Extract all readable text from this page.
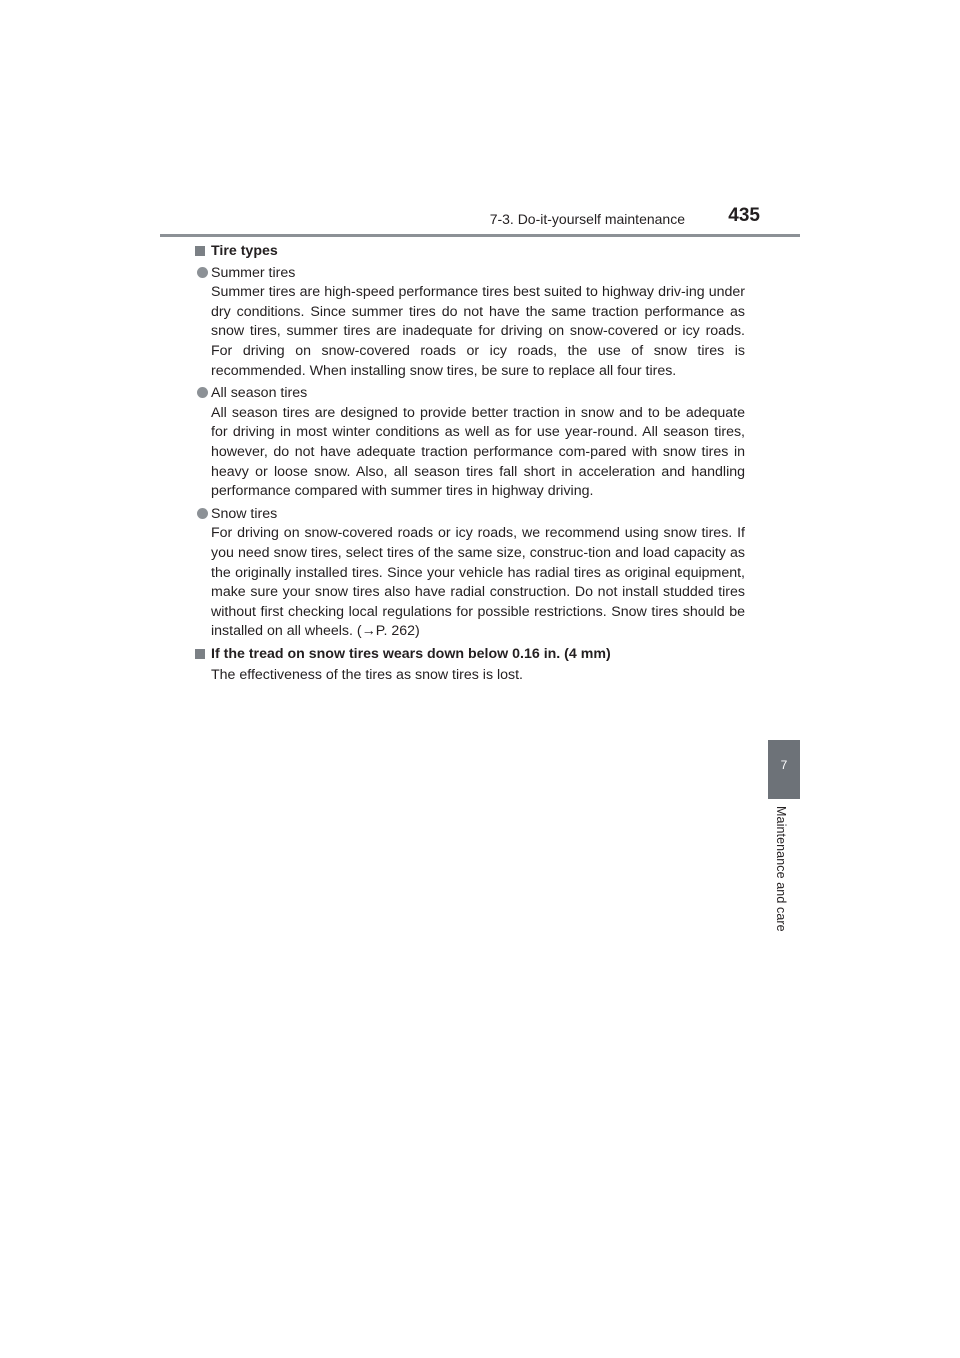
7-3. Do-it-yourself maintenance 435
7
Maintenance and care
Tire types
Summer tires
Summer tires are high-speed performance tires best suited to highway driv-ing under dry conditions. Since summer tires do not have the same traction performance as snow tires, summer tires are inadequate for driving on snow-covered or icy roads. For driving on snow-covered roads or icy roads, the use of snow tires is recommended. When installing snow tires, be sure to replace all four tires.
All season tires
All season tires are designed to provide better traction in snow and to be adequate for driving in most winter conditions as well as for use year-round. All season tires, however, do not have adequate traction performance com-pared with snow tires in heavy or loose snow. Also, all season tires fall short in acceleration and handling performance compared with summer tires in highway driving.
Snow tires
For driving on snow-covered roads or icy roads, we recommend using snow tires. If you need snow tires, select tires of the same size, construc-tion and load capacity as the originally installed tires. Since your vehicle has radial tires as original equipment, make sure your snow tires also have radial construction. Do not install studded tires without first checking local regulations for possible restrictions. Snow tires should be installed on all wheels. (→P. 262)
If the tread on snow tires wears down below 0.16 in. (4 mm)
The effectiveness of the tires as snow tires is lost.
